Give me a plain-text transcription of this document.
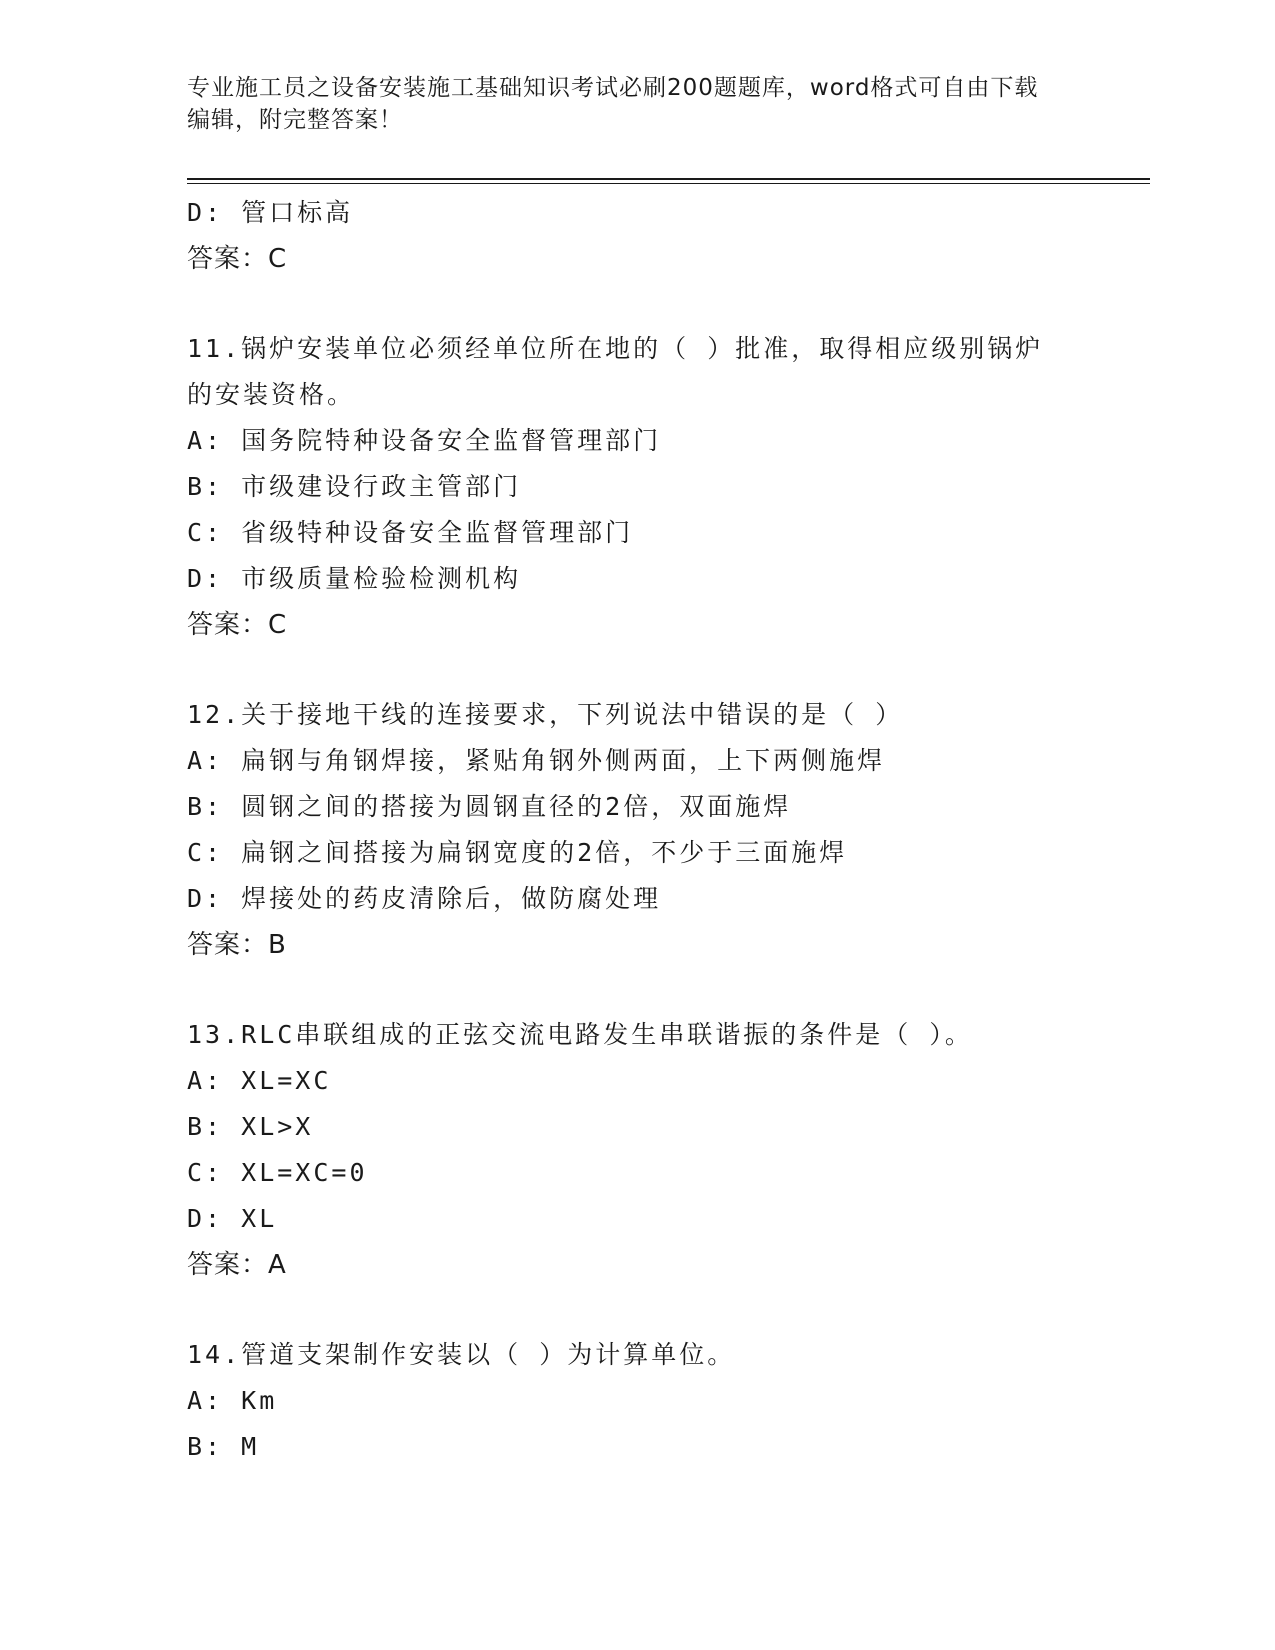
专业施工员之设备安装施工基础知识考试必刷200题题库，word格式可自由下载
编辑，附完整答案！
D: 管口标高
答案：C
11.锅炉安装单位必须经单位所在地的（ ）批准，取得相应级别锅炉
的安装资格。
A: 国务院特种设备安全监督管理部门
B: 市级建设行政主管部门
C: 省级特种设备安全监督管理部门
D: 市级质量检验检测机构
答案：C
12.关于接地干线的连接要求，下列说法中错误的是（ ）
A: 扁钢与角钢焊接，紧贴角钢外侧两面，上下两侧施焊
B: 圆钢之间的搭接为圆钢直径的2倍，双面施焊
C: 扁钢之间搭接为扁钢宽度的2倍，不少于三面施焊
D: 焊接处的药皮清除后，做防腐处理
答案：B
13.RLC串联组成的正弦交流电路发生串联谐振的条件是（ ）。
A: XL=XC
B: XL>X
C: XL=XC=0
D: XL
答案：A
14.管道支架制作安装以（ ）为计算单位。
A: Km
B: M
